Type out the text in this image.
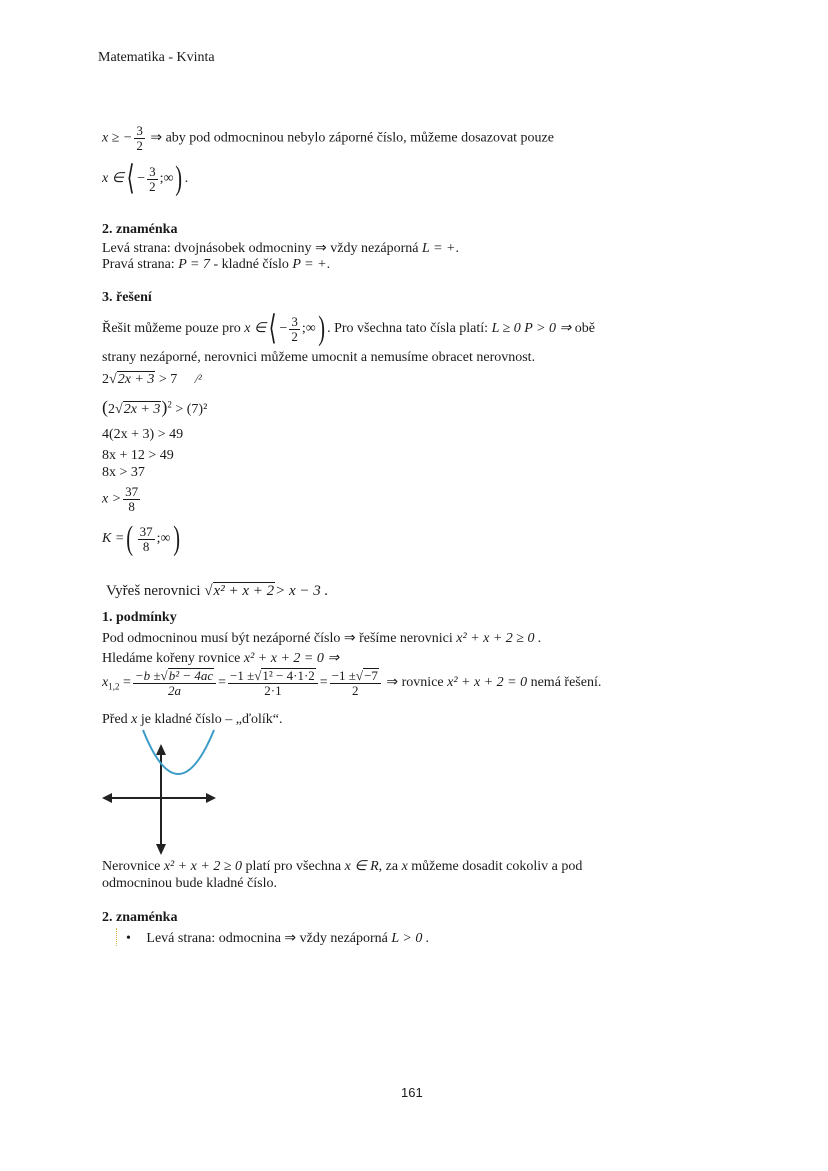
Matematika - Kvinta
x ≥ − $\frac{3}{2}$ ⇒ aby pod odmocninou nebylo záporné číslo, můžeme dosazovat pouze
x ∈⟨ − $\frac{3}{2}$ ;∞) .
2. znaménka
Levá strana: dvojnásobek odmocniny ⇒ vždy nezáporná L = +.
Pravá strana: P = 7 - kladné číslo P = +.
3. řešení
Řešit můžeme pouze pro x ∈⟨ − $\frac{3}{2}$ ;∞) . Pro všechna tato čísla platí: L ≥ 0 P > 0 ⇒ obě
strany nezáporné, nerovnici můžeme umocnit a nemusíme obracet nerovnost.
2√2x + 3 > 7 /²
$(2√2x + 3)^2 > (7)^2$
4(2x + 3) > 49
8x + 12 > 49
8x > 37
$x > \frac{37}{8}$
K =( $\frac{37}{8}$ ;∞)
Vyřeš nerovnici √x² + x + 2> x − 3 .
1. podmínky
Pod odmocninou musí být nezáporné číslo ⇒ řešíme nerovnici x² + x + 2 ≥ 0 .
Hledáme kořeny rovnice x² + x + 2 = 0 ⇒
$x_{1,2} = \frac{\text{−b ±√b² − 4ac}}{2a} = \frac{\text{−1 ±√1² − 4·1·2}}{2\cdot 1} = \frac{-1 \pm√-7}{2}$ ⇒ rovnice x² + x + 2 = 0 nemá řešení.
Před x je kladné číslo – „ďolík“.
Nerovnice x² + x + 2 ≥ 0 platí pro všechna x ∈ R, za x můžeme dosadit cokoliv a pod
odmocninou bude kladné číslo.
2. znaménka
• Levá strana: odmocnina ⇒ vždy nezáporná L > 0 .
161
